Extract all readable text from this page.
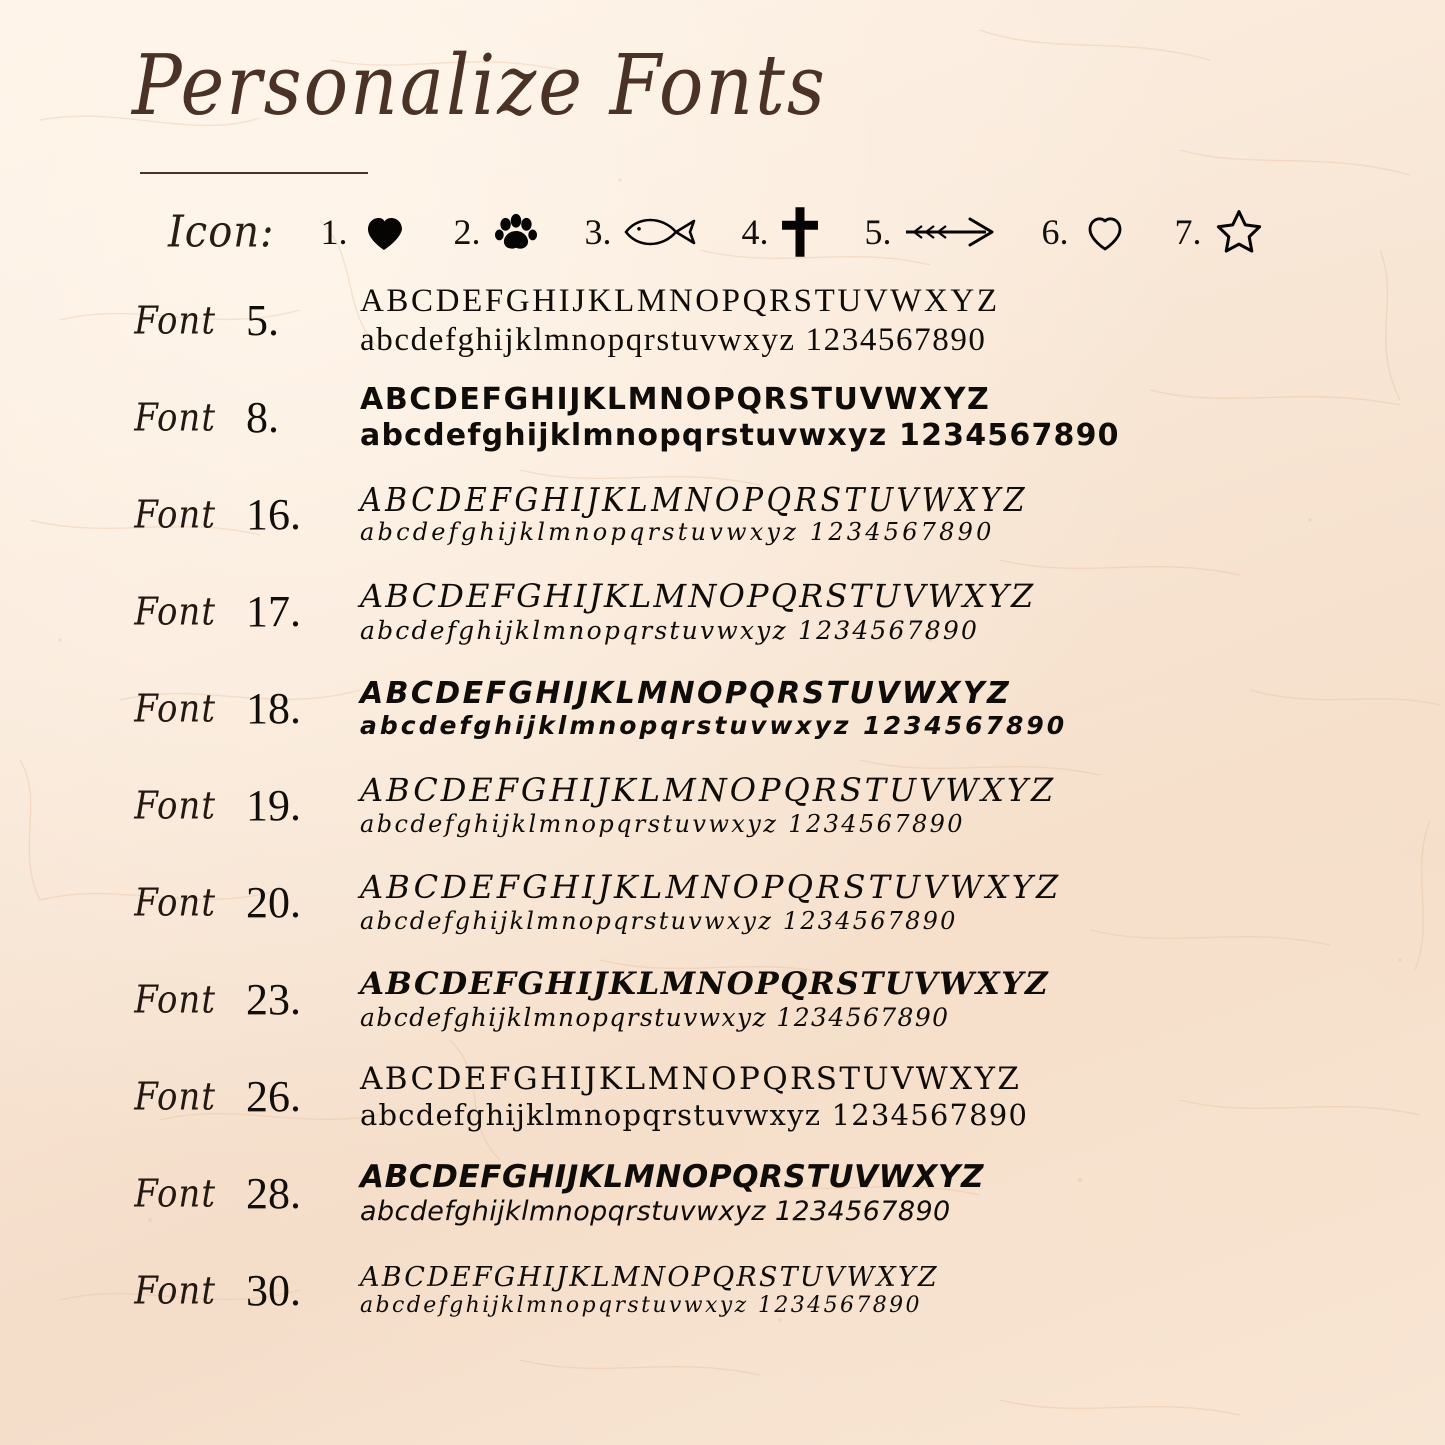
Personalize Fonts
Icon: 1.	2.	3.	4.	5.	6.	7.
Font 5.	ABCDEFGHIJKLMNOPQRSTUVWXYZ
abcdefghijklmnopqrstuvwxyz 1234567890
Font 8.	ABCDEFGHIJKLMNOPQRSTUVWXYZ
abcdefghijklmnopqrstuvwxyz 1234567890
Font 16.	ABCDEFGHIJKLMNOPQRSTUVWXYZ
abcdefghijklmnopqrstuvwxyz 1234567890
Font 17.	ABCDEFGHIJKLMNOPQRSTUVWXYZ
abcdefghijklmnopqrstuvwxyz 1234567890
Font 18.	ABCDEFGHIJKLMNOPQRSTUVWXYZ
abcdefghijklmnopqrstuvwxyz 1234567890
Font 19.	ABCDEFGHIJKLMNOPQRSTUVWXYZ
abcdefghijklmnopqrstuvwxyz 1234567890
Font 20.	ABCDEFGHIJKLMNOPQRSTUVWXYZ
abcdefghijklmnopqrstuvwxyz 1234567890
Font 23.	ABCDEFGHIJKLMNOPQRSTUVWXYZ
abcdefghijklmnopqrstuvwxyz 1234567890
Font 26.	ABCDEFGHIJKLMNOPQRSTUVWXYZ
abcdefghijklmnopqrstuvwxyz 1234567890
Font 28.	ABCDEFGHIJKLMNOPQRSTUVWXYZ
abcdefghijklmnopqrstuvwxyz 1234567890
Font 30.	ABCDEFGHIJKLMNOPQRSTUVWXYZ
abcdefghijklmnopqrstuvwxyz 1234567890
